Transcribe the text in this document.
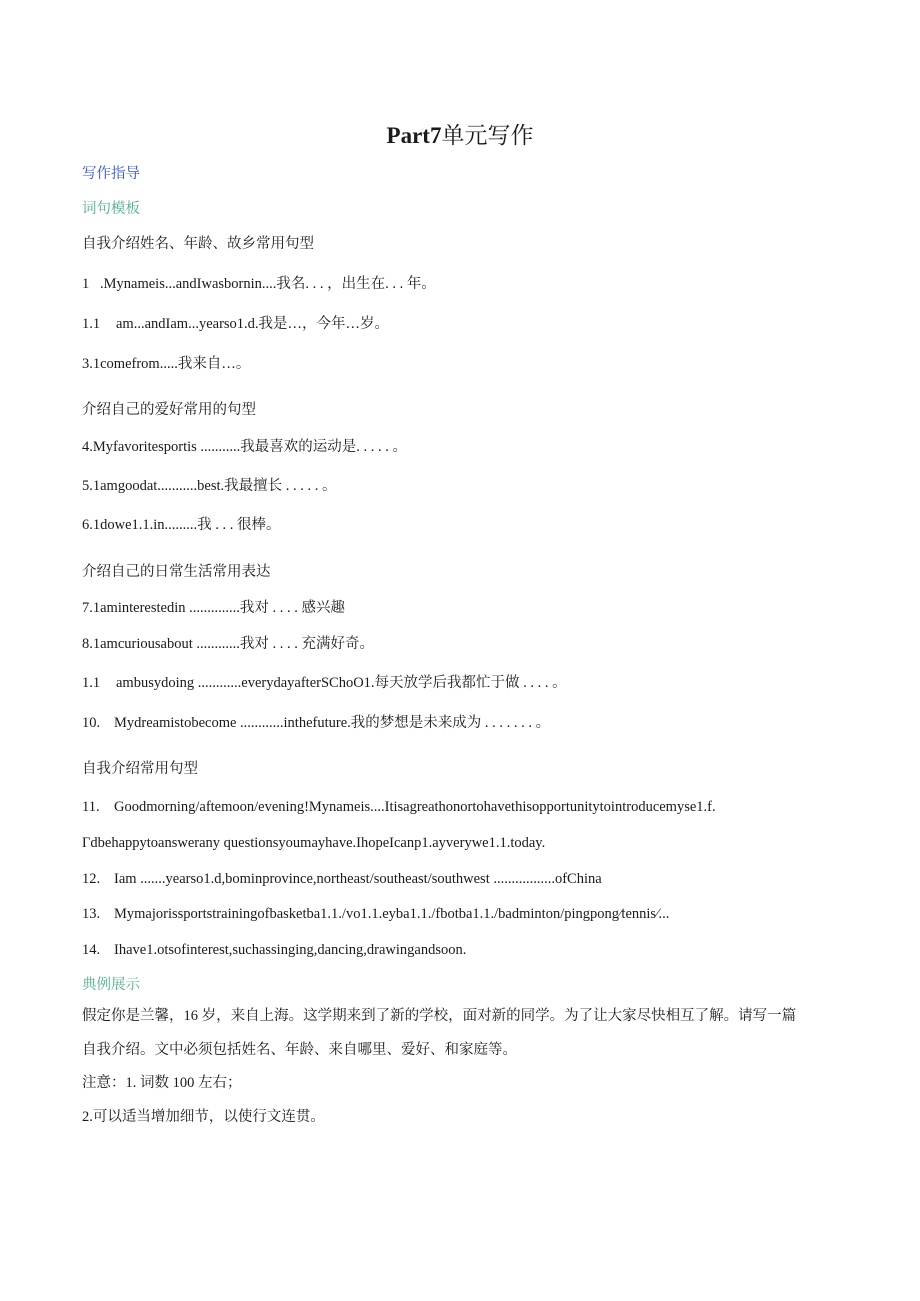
Part7单元写作
写作指导
词句模板
自我介绍姓名、年龄、故乡常用句型
1 .Mynameis...andIwasbornin....我名. . . ，出生在. . . 年。
1.1 am...andIam...yearso1.d.我是…，今年…岁。
3.1comefrom.....我来自…。
介绍自己的爱好常用的句型
4.Myfavoritesportis ...........我最喜欢的运动是. . . . . 。
5.1amgoodat...........best.我最擅长 . . . . . 。
6.1dowe1.1.in.........我 . . . 很棒。
介绍自己的日常生活常用表达
7.1aminterestedin ..............我对 . . . . 感兴趣
8.1amcuriousabout ............我对 . . . . 充满好奇。
1.1 ambusydoing ............everydayafterSChoO1.每天放学后我都忙于做 . . . . 。
10. Mydreamistobecome ............inthefuture.我的梦想是未来成为 . . . . . . . 。
自我介绍常用句型
11. Goodmorning/aftemoon/evening!Mynameis....Itisagreathonortohavethisopportunitytointroducemyse1.f.
Γdbehappytoanswerany questionsyoumayhave.IhopeIcanp1.ayverywe1.1.today.
12. Iam .......yearso1.d,bominprovince,northeast/southeast/southwest .................ofChina
13. Mymajorissportstrainingofbasketba1.1./vo1.1.eyba1.1./fbotba1.1./badminton/pingpong⁄tennis⁄...
14. Ihave1.otsofinterest,suchassinging,dancing,drawingandsoon.
典例展示
假定你是兰馨，16 岁，来自上海。这学期来到了新的学校，面对新的同学。为了让大家尽快相互了解。请写一篇
自我介绍。文中必须包括姓名、年龄、来自哪里、爱好、和家庭等。
注意：1. 词数 100 左右；
2.可以适当增加细节，以使行文连贯。
